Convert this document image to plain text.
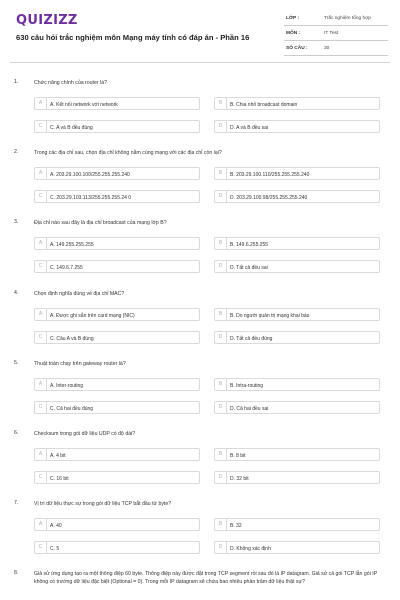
QUIZIZZ
630 câu hỏi trắc nghiệm môn Mạng máy tính có đáp án - Phần 16
LỚP :	Trắc nghiệm tổng hợp
MÔN :	IT Test
SỐ CÂU :	30
1.	Chức năng chính của router là?
A	A. Kết nối network với network	B	B. Chia nhỏ broadcast domain
C	C. A và B đều đúng	D	D. A và B đều sai
2.	Trong các địa chỉ sau, chọn địa chỉ không nằm cùng mạng với các địa chỉ còn lại?
A	A. 203.29.100.100/255.255.255.240	B	B. 203.29.100.110/255.255.255.240
C	C. 203.29.103.113/255.255.255.24 0	D	D. 203.29.100.98/255.255.255.240
3.	Địa chỉ nào sau đây là địa chỉ broadcast của mạng lớp B?
A	A. 149.255.255.255	B	B. 149.6.255.255
C	C. 149.6.7.255	D	D. Tất cả đều sai
4.	Chọn định nghĩa đúng về địa chỉ MAC?
A	A. Được ghi sẵn trên card mạng (NIC)	B	B. Do người quản trị mạng khai báo
C	C. Câu A và B đúng	D	D. Tất cả đều đúng
5.	Thuật toán chạy trên gateway router là?
A	A. Inter-routing	B	B. Intra-routing
C	C. Cả hai đều đúng	D	D. Cả hai đều sai
6.	Checksum trong gói dữ liệu UDP có độ dài?
A	A. 4 bit	B	B. 8 bit
C	C. 16 bit	D	D. 32 bit
7.	Vị trí dữ liệu thực sự trong gói dữ liệu TCP bắt đầu từ byte?
A	A. 40	B	B. 32
C	C. 5	D	D. Không xác định
8.	Giả sử ứng dụng tạo ra một thông điệp 60 byte. Thông điệp này được đặt trong TCP segment rồi sau đó là IP datagram. Giả sử cả gói TCP lẫn gói IP không có trường dữ liệu đặc biệt (Optional = 0). Trong mỗi IP datagram sẽ chứa bao nhiêu phần trăm dữ liệu thật sự?
